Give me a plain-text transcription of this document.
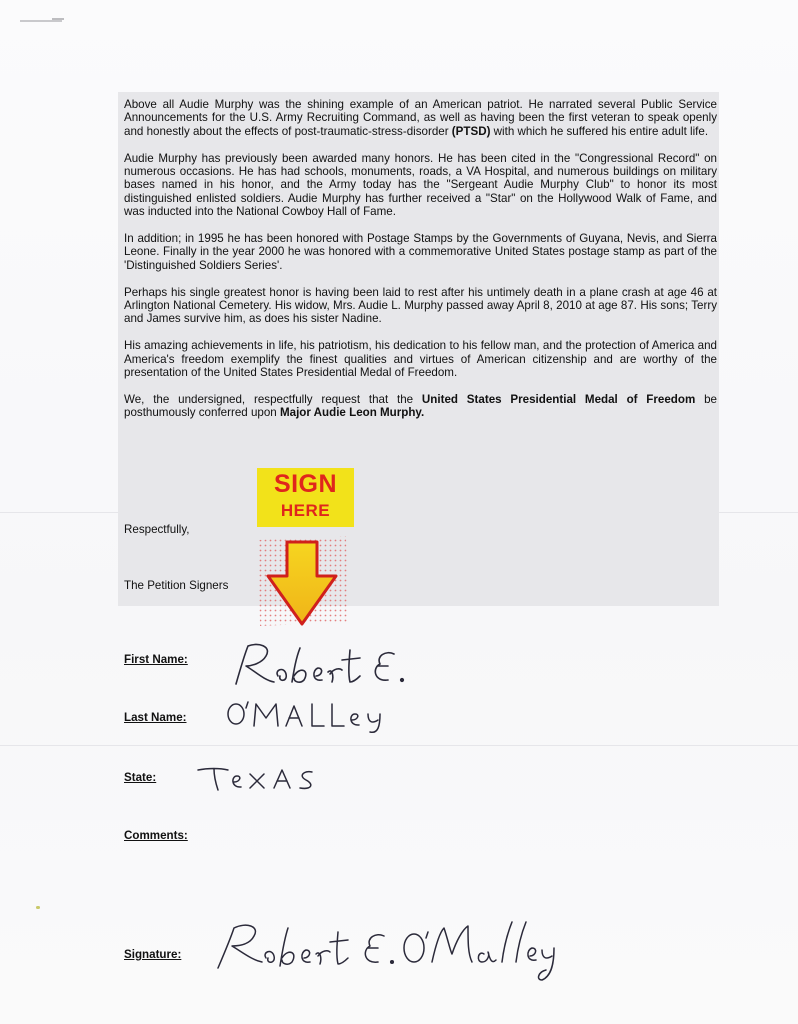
Above all Audie Murphy was the shining example of an American patriot. He narrated several Public Service Announcements for the U.S. Army Recruiting Command, as well as having been the first veteran to speak openly and honestly about the effects of post-traumatic-stress-disorder (PTSD) with which he suffered his entire adult life.

Audie Murphy has previously been awarded many honors. He has been cited in the "Congressional Record" on numerous occasions. He has had schools, monuments, roads, a VA Hospital, and numerous buildings on military bases named in his honor, and the Army today has the "Sergeant Audie Murphy Club" to honor its most distinguished enlisted soldiers. Audie Murphy has further received a "Star" on the Hollywood Walk of Fame, and was inducted into the National Cowboy Hall of Fame.

In addition; in 1995 he has been honored with Postage Stamps by the Governments of Guyana, Nevis, and Sierra Leone. Finally in the year 2000 he was honored with a commemorative United States postage stamp as part of the 'Distinguished Soldiers Series'.

Perhaps his single greatest honor is having been laid to rest after his untimely death in a plane crash at age 46 at Arlington National Cemetery. His widow, Mrs. Audie L. Murphy passed away April 8, 2010 at age 87. His sons; Terry and James survive him, as does his sister Nadine.

His amazing achievements in life, his patriotism, his dedication to his fellow man, and the protection of America and America's freedom exemplify the finest qualities and virtues of American citizenship and are worthy of the presentation of the United States Presidential Medal of Freedom.

We, the undersigned, respectfully request that the United States Presidential Medal of Freedom be posthumously conferred upon Major Audie Leon Murphy.

SIGN
HERE
Respectfully,
The Petition Signers
First Name:
Last Name:
State:
Comments:
Signature:
